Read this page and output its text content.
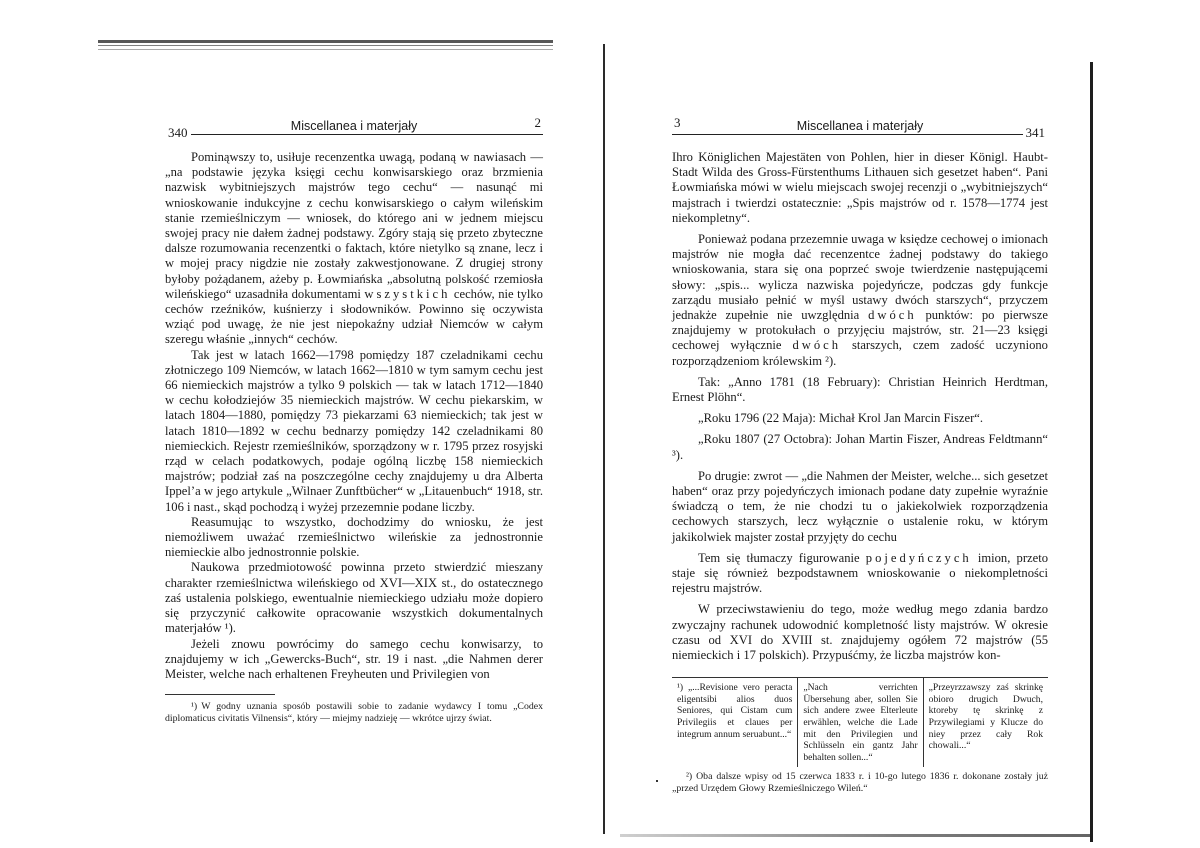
Miscellanea i materjały
340
2

Pominąwszy to, usiłuje recenzentka uwagą, podaną w nawiasach — „na podstawie języka księgi cechu konwisarskiego oraz brzmienia nazwisk wybitniejszych majstrów tego cechu“ — nasunąć mi wnioskowanie indukcyjne z cechu konwisarskiego o całym wileńskim stanie rzemieślniczym — wniosek, do którego ani w jednem miejscu swojej pracy nie dałem żadnej podstawy. Zgóry stają się przeto zbyteczne dalsze rozumowania recenzentki o faktach, które nietylko są znane, lecz i w mojej pracy nigdzie nie zostały zakwestjonowane. Z drugiej strony byłoby pożądanem, ażeby p. Łowmiańska „absolutną polskość rzemiosła wileńskiego“ uzasadniła dokumentami wszystkich cechów, nie tylko cechów rzeźników, kuśnierzy i słodowników. Powinno się oczywista wziąć pod uwagę, że nie jest niepokaźny udział Niemców w całym szeregu właśnie „innych“ cechów.

Tak jest w latach 1662—1798 pomiędzy 187 czeladnikami cechu złotniczego 109 Niemców, w latach 1662—1810 w tym samym cechu jest 66 niemieckich majstrów a tylko 9 polskich — tak w latach 1712—1840 w cechu kołodziejów 35 niemieckich majstrów. W cechu piekarskim, w latach 1804—1880, pomiędzy 73 piekarzami 63 niemieckich; tak jest w latach 1810—1892 w cechu bednarzy pomiędzy 142 czeladnikami 80 niemieckich. Rejestr rzemieślników, sporządzony w r. 1795 przez rosyjski rząd w celach podatkowych, podaje ogólną liczbę 158 niemieckich majstrów; podział zaś na poszczególne cechy znajdujemy u dra Alberta Ippel’a w jego artykule „Wilnaer Zunftbücher“ w „Litauenbuch“ 1918, str. 106 i nast., skąd pochodzą i wyżej przezemnie podane liczby.

Reasumując to wszystko, dochodzimy do wniosku, że jest niemożliwem uważać rzemieślnictwo wileńskie za jednostronnie niemieckie albo jednostronnie polskie.

Naukowa przedmiotowość powinna przeto stwierdzić mieszany charakter rzemieślnictwa wileńskiego od XVI—XIX st., do ostatecznego zaś ustalenia polskiego, ewentualnie niemieckiego udziału może dopiero się przyczynić całkowite opracowanie wszystkich dokumentalnych materjałów ¹).

Jeżeli znowu powrócimy do samego cechu konwisarzy, to znajdujemy w ich „Gewercks-Buch“, str. 19 i nast. „die Nahmen derer Meister, welche nach erhaltenen Freyheuten und Privilegien von

¹) W godny uznania sposób postawili sobie to zadanie wydawcy I tomu „Codex diplomaticus civitatis Vilnensis“, który — miejmy nadzieję — wkrótce ujrzy świat.

Miscellanea i materjały
3
341

Ihro Königlichen Majestäten von Pohlen, hier in dieser Königl. Haubt-Stadt Wilda des Gross-Fürstenthums Lithauen sich gesetzet haben“. Pani Łowmiańska mówi w wielu miejscach swojej recenzji o „wybitniejszych“ majstrach i twierdzi ostatecznie: „Spis majstrów od r. 1578—1774 jest niekompletny“.

Ponieważ podana przezemnie uwaga w księdze cechowej o imionach majstrów nie mogła dać recenzentce żadnej podstawy do takiego wnioskowania, stara się ona poprzeć swoje twierdzenie następującemi słowy: „spis... wylicza nazwiska pojedyńcze, podczas gdy funkcje zarządu musiało pełnić w myśl ustawy dwóch starszych“, przyczem jednakże zupełnie nie uwzględnia dwóch punktów: po pierwsze znajdujemy w protokułach o przyjęciu majstrów, str. 21—23 księgi cechowej wyłącznie dwóch starszych, czem zadość uczyniono rozporządzeniom królewskim ²).

Tak: „Anno 1781 (18 February): Christian Heinrich Herdtman, Ernest Plöhn“.

„Roku 1796 (22 Maja): Michał Krol Jan Marcin Fiszer“.

„Roku 1807 (27 Octobra): Johan Martin Fiszer, Andreas Feldtmann“ ³).

Po drugie: zwrot — „die Nahmen der Meister, welche... sich gesetzet haben“ oraz przy pojedyńczych imionach podane daty zupełnie wyraźnie świadczą o tem, że nie chodzi tu o jakiekolwiek rozporządzenia cechowych starszych, lecz wyłącznie o ustalenie roku, w którym jakikolwiek majster został przyjęty do cechu

Tem się tłumaczy figurowanie pojedyńczych imion, przeto staje się również bezpodstawnem wnioskowanie o niekompletności rejestru majstrów.

W przeciwstawieniu do tego, może według mego zdania bardzo zwyczajny rachunek udowodnić kompletność listy majstrów. W okresie czasu od XVI do XVIII st. znajdujemy ogółem 72 majstrów (55 niemieckich i 17 polskich). Przypuśćmy, że liczba majstrów kon-

¹) „...Revisione vero peracta eligentsibi alios duos Seniores, qui Cistam cum Privilegiis et claues per integrum annum seruabunt...“
„Nach verrichten Übersehung aber, sollen Sie sich andere zwee Elterleute erwählen, welche die Lade mit den Privilegien und Schlüsseln ein gantz Jahr behalten sollen...“
„Przeyrzzawszy zaś skrinkę obioro drugich Dwuch, ktoreby tę skrinkę z Przywilegiami y Klucze do niey przez cały Rok chowali...“

²) Oba dalsze wpisy od 15 czerwca 1833 r. i 10-go lutego 1836 r. dokonane zostały już „przed Urzędem Głowy Rzemieślniczego Wileń.“
